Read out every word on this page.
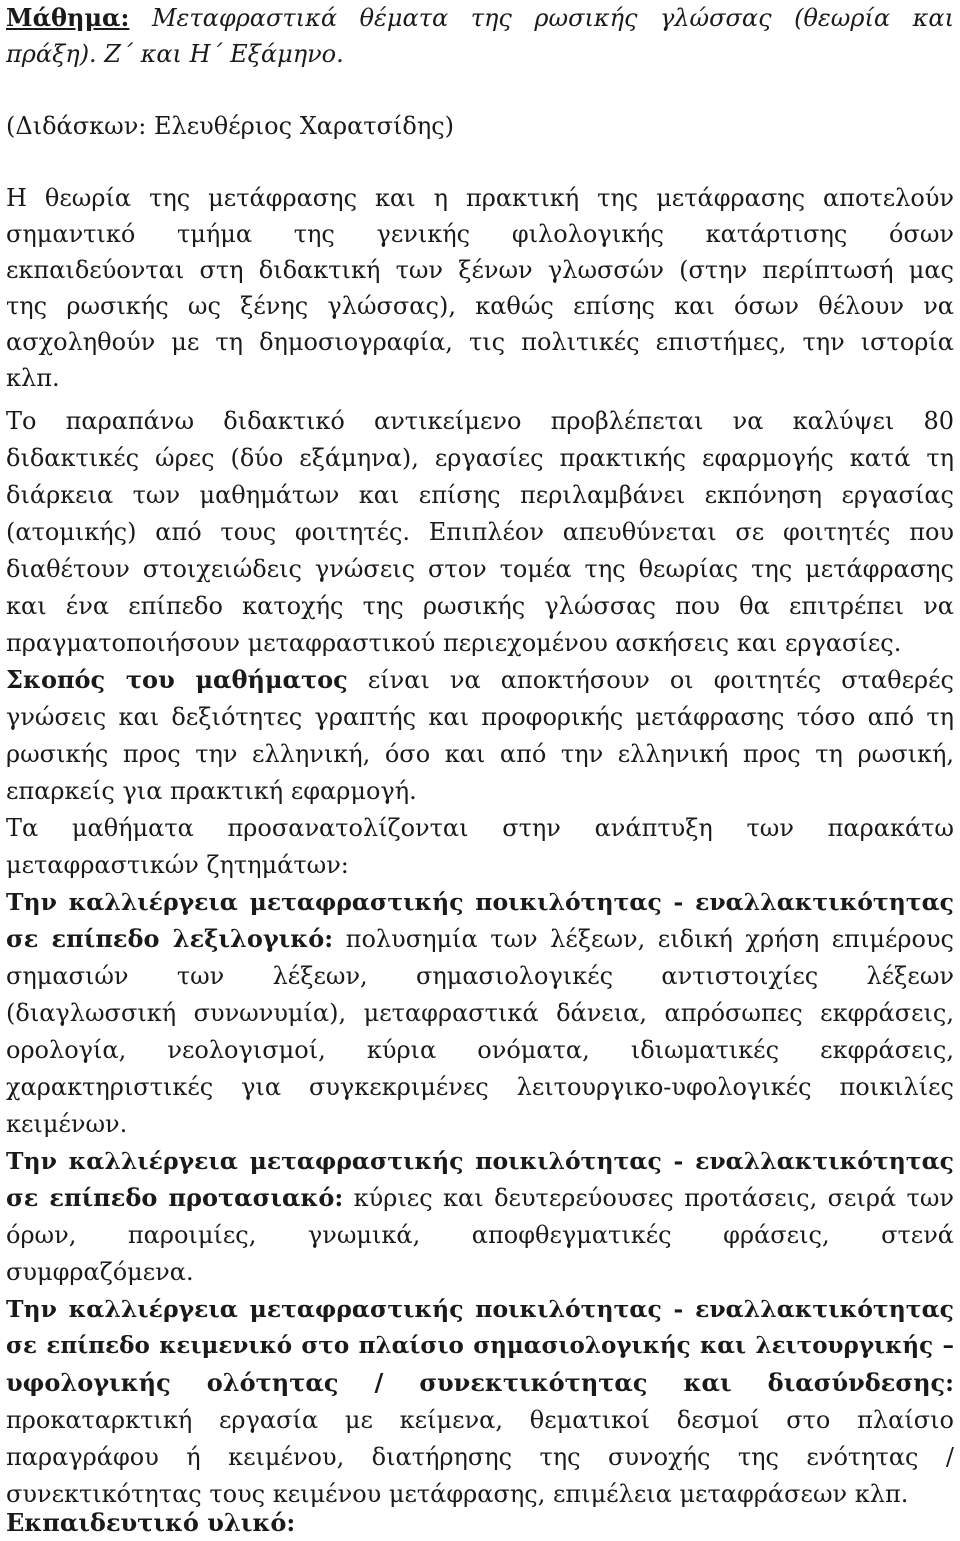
Μάθημα: Μεταφραστικά θέματα της ρωσικής γλώσσας (θεωρία και
πράξη). Ζ΄ και Η΄ Εξάμηνο.
(Διδάσκων: Ελευθέριος Χαρατσίδης)
Η θεωρία της μετάφρασης και η πρακτική της μετάφρασης αποτελούν
σημαντικό τμήμα της γενικής φιλολογικής κατάρτισης όσων
εκπαιδεύονται στη διδακτική των ξένων γλωσσών (στην περίπτωσή μας
της ρωσικής ως ξένης γλώσσας), καθώς επίσης και όσων θέλουν να
ασχοληθούν με τη δημοσιογραφία, τις πολιτικές επιστήμες, την ιστορία
κλπ.
Το παραπάνω διδακτικό αντικείμενο προβλέπεται να καλύψει 80
διδακτικές ώρες (δύο εξάμηνα), εργασίες πρακτικής εφαρμογής κατά τη
διάρκεια των μαθημάτων και επίσης περιλαμβάνει εκπόνηση εργασίας
(ατομικής) από τους φοιτητές. Επιπλέον απευθύνεται σε φοιτητές που
διαθέτουν στοιχειώδεις γνώσεις στον τομέα της θεωρίας της μετάφρασης
και ένα επίπεδο κατοχής της ρωσικής γλώσσας που θα επιτρέπει να
πραγματοποιήσουν μεταφραστικού περιεχομένου ασκήσεις και εργασίες.
Σκοπός του μαθήματος είναι να αποκτήσουν οι φοιτητές σταθερές
γνώσεις και δεξιότητες γραπτής και προφορικής μετάφρασης τόσο από τη
ρωσικής προς την ελληνική, όσο και από την ελληνική προς τη ρωσική,
επαρκείς για πρακτική εφαρμογή.
Τα μαθήματα προσανατολίζονται στην ανάπτυξη των παρακάτω
μεταφραστικών ζητημάτων:
Την καλλιέργεια μεταφραστικής ποικιλότητας - εναλλακτικότητας
σε επίπεδο λεξιλογικό: πολυσημία των λέξεων, ειδική χρήση επιμέρους
σημασιών των λέξεων, σημασιολογικές αντιστοιχίες λέξεων
(διαγλωσσική συνωνυμία), μεταφραστικά δάνεια, απρόσωπες εκφράσεις,
ορολογία, νεολογισμοί, κύρια ονόματα, ιδιωματικές εκφράσεις,
χαρακτηριστικές για συγκεκριμένες λειτουργικο-υφολογικές ποικιλίες
κειμένων.
Την καλλιέργεια μεταφραστικής ποικιλότητας - εναλλακτικότητας
σε επίπεδο προτασιακό: κύριες και δευτερεύουσες προτάσεις, σειρά των
όρων, παροιμίες, γνωμικά, αποφθεγματικές φράσεις, στενά
συμφραζόμενα.
Την καλλιέργεια μεταφραστικής ποικιλότητας - εναλλακτικότητας
σε επίπεδο κειμενικό στο πλαίσιο σημασιολογικής και λειτουργικής –
υφολογικής ολότητας / συνεκτικότητας και διασύνδεσης:
προκαταρκτική εργασία με κείμενα, θεματικοί δεσμοί στο πλαίσιο
παραγράφου ή κειμένου, διατήρησης της συνοχής της ενότητας /
συνεκτικότητας τους κειμένου μετάφρασης, επιμέλεια μεταφράσεων κλπ.
Εκπαιδευτικό υλικό:
